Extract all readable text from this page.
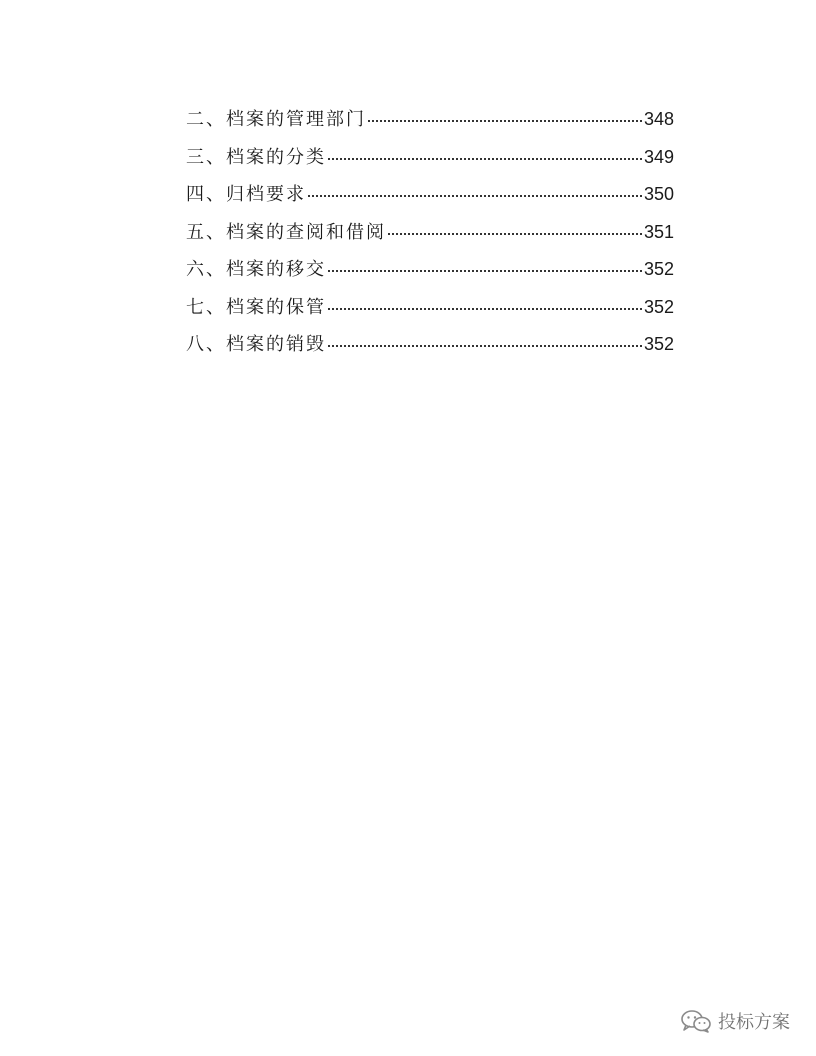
二、档案的管理部门	348
三、档案的分类	349
四、归档要求	350
五、档案的查阅和借阅	351
六、档案的移交	352
七、档案的保管	352
八、档案的销毁	352
投标方案
